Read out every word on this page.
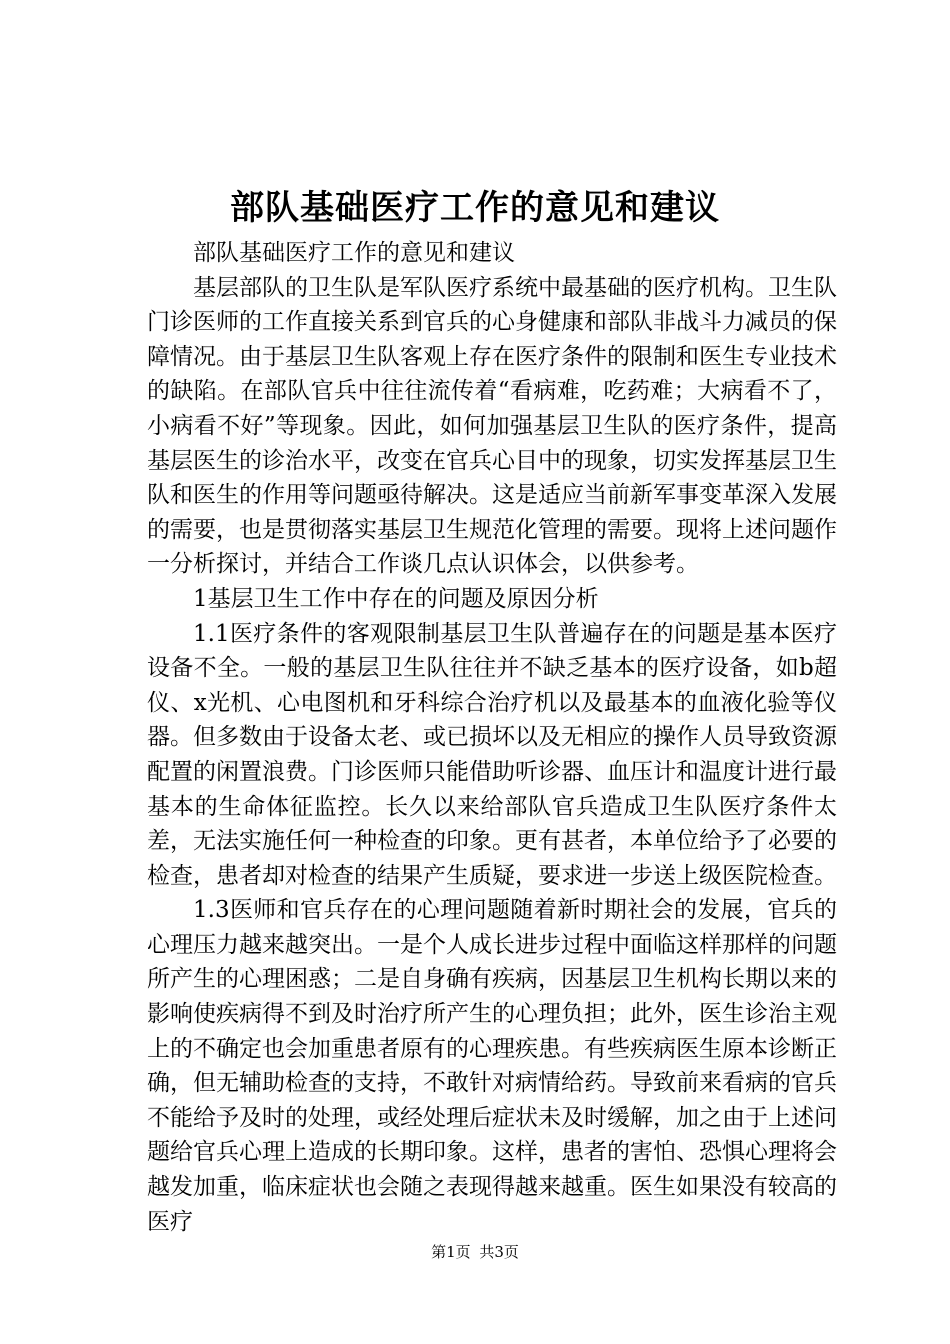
部队基础医疗工作的意见和建议

部队基础医疗工作的意见和建议

基层部队的卫生队是军队医疗系统中最基础的医疗机构。卫生队门诊医师的工作直接关系到官兵的心身健康和部队非战斗力减员的保障情况。由于基层卫生队客观上存在医疗条件的限制和医生专业技术的缺陷。在部队官兵中往往流传着“看病难，吃药难；大病看不了，小病看不好”等现象。因此，如何加强基层卫生队的医疗条件，提高基层医生的诊治水平，改变在官兵心目中的现象，切实发挥基层卫生队和医生的作用等问题亟待解决。这是适应当前新军事变革深入发展的需要，也是贯彻落实基层卫生规范化管理的需要。现将上述问题作一分析探讨，并结合工作谈几点认识体会，以供参考。

1基层卫生工作中存在的问题及原因分析

1.1医疗条件的客观限制基层卫生队普遍存在的问题是基本医疗设备不全。一般的基层卫生队往往并不缺乏基本的医疗设备，如b超仪、x光机、心电图机和牙科综合治疗机以及最基本的血液化验等仪器。但多数由于设备太老、或已损坏以及无相应的操作人员导致资源配置的闲置浪费。门诊医师只能借助听诊器、血压计和温度计进行最基本的生命体征监控。长久以来给部队官兵造成卫生队医疗条件太差，无法实施任何一种检查的印象。更有甚者，本单位给予了必要的检查，患者却对检查的结果产生质疑，要求进一步送上级医院检查。

1.3医师和官兵存在的心理问题随着新时期社会的发展，官兵的心理压力越来越突出。一是个人成长进步过程中面临这样那样的问题所产生的心理困惑；二是自身确有疾病，因基层卫生机构长期以来的影响使疾病得不到及时治疗所产生的心理负担；此外，医生诊治主观上的不确定也会加重患者原有的心理疾患。有些疾病医生原本诊断正确，但无辅助检查的支持，不敢针对病情给药。导致前来看病的官兵不能给予及时的处理，或经处理后症状未及时缓解，加之由于上述问题给官兵心理上造成的长期印象。这样，患者的害怕、恐惧心理将会越发加重，临床症状也会随之表现得越来越重。医生如果没有较高的医疗

第1页 共3页
